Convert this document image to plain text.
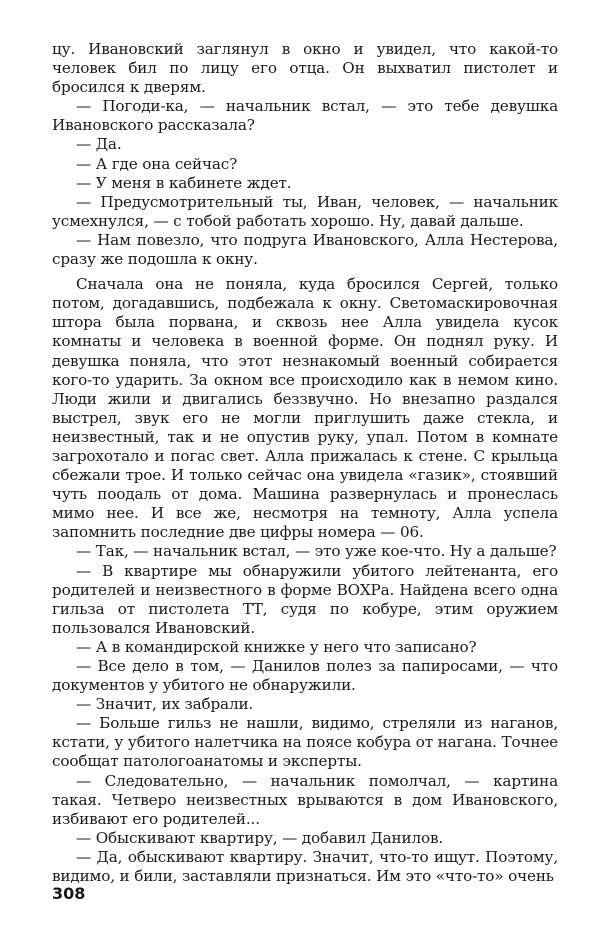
цу. Ивановский заглянул в окно и увидел, что какой-то человек бил по лицу его отца. Он выхватил пистолет и бросился к дверям.

— Погоди-ка, — начальник встал, — это тебе девушка Ивановского рассказала?

— Да.

— А где она сейчас?

— У меня в кабинете ждет.

— Предусмотрительный ты, Иван, человек, — начальник усмехнулся, — с тобой работать хорошо. Ну, давай дальше.

— Нам повезло, что подруга Ивановского, Алла Нестерова, сразу же подошла к окну.

Сначала она не поняла, куда бросился Сергей, только потом, догадавшись, подбежала к окну. Светомаскировочная штора была порвана, и сквозь нее Алла увидела кусок комнаты и человека в военной форме. Он поднял руку. И девушка поняла, что этот незнакомый военный собирается кого-то ударить. За окном все происходило как в немом кино. Люди жили и двигались беззвучно. Но внезапно раздался выстрел, звук его не могли приглушить даже стекла, и неизвестный, так и не опустив руку, упал. Потом в комнате загрохотало и погас свет. Алла прижалась к стене. С крыльца сбежали трое. И только сейчас она увидела «газик», стоявший чуть поодаль от дома. Машина развернулась и пронеслась мимо нее. И все же, несмотря на темноту, Алла успела запомнить последние две цифры номера — 06.

— Так, — начальник встал, — это уже кое-что. Ну а дальше?

— В квартире мы обнаружили убитого лейтенанта, его родителей и неизвестного в форме ВОХРа. Найдена всего одна гильза от пистолета ТТ, судя по кобуре, этим оружием пользовался Ивановский.

— А в командирской книжке у него что записано?

— Все дело в том, — Данилов полез за папиросами, — что документов у убитого не обнаружили.

— Значит, их забрали.

— Больше гильз не нашли, видимо, стреляли из наганов, кстати, у убитого налетчика на поясе кобура от нагана. Точнее сообщат патологоанатомы и эксперты.

— Следовательно, — начальник помолчал, — картина такая. Четверо неизвестных врываются в дом Ивановского, избивают его родителей...

— Обыскивают квартиру, — добавил Данилов.

— Да, обыскивают квартиру. Значит, что-то ищут. Поэтому, видимо, и били, заставляли признаться. Им это «что-то» очень

308
